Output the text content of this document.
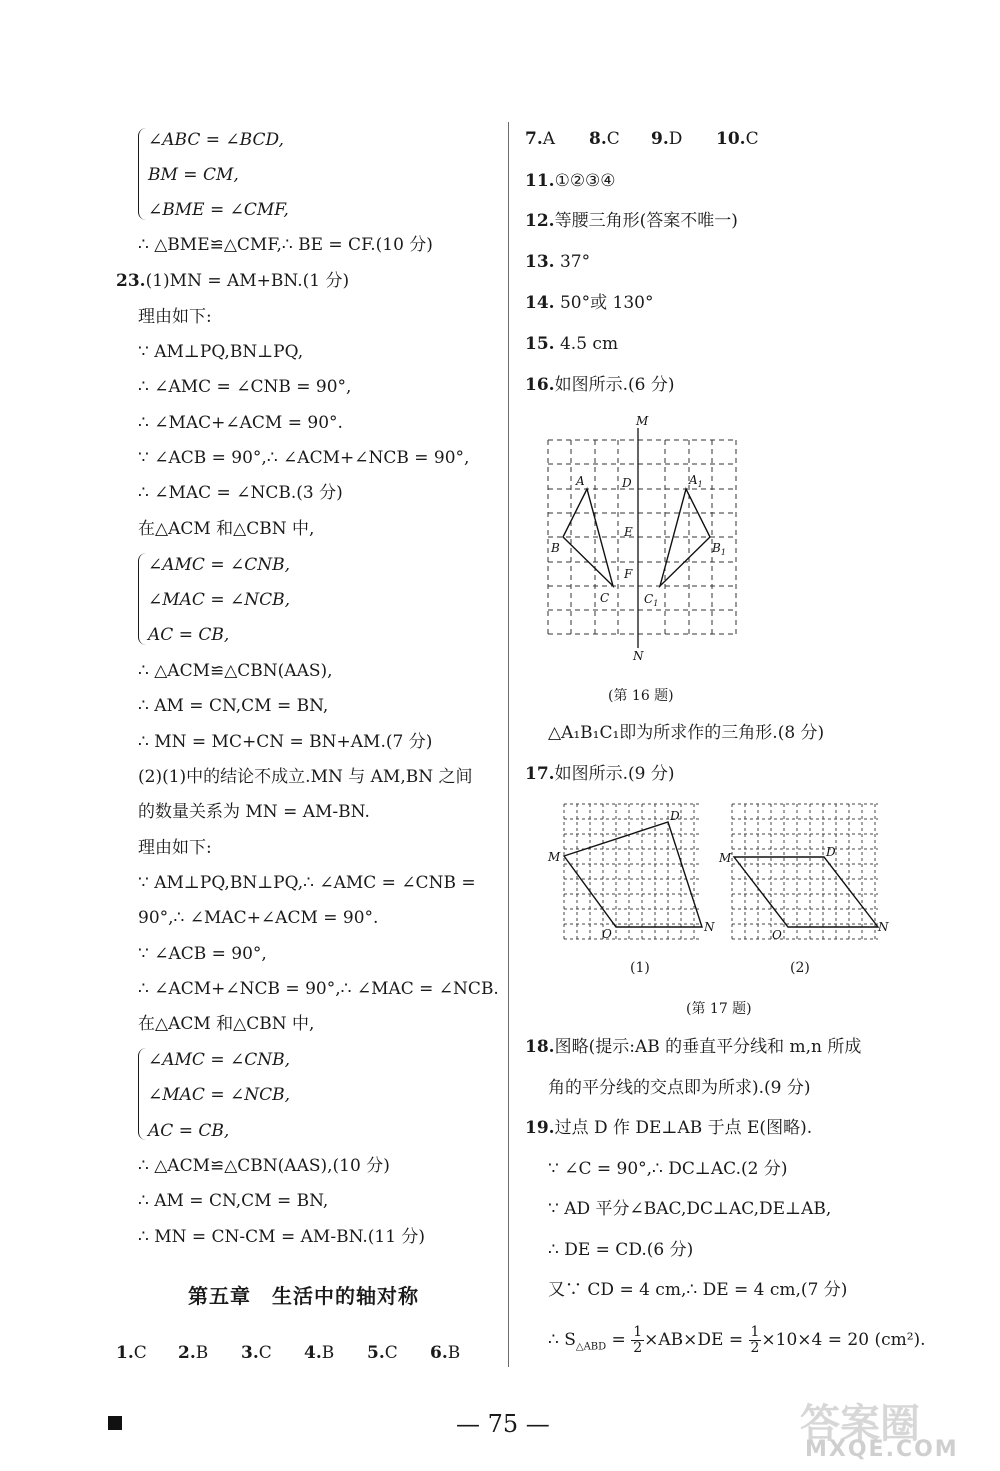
∠ABC = ∠BCD,
BM = CM,
∠BME = ∠CMF,
∴ △BME≌△CMF,∴ BE = CF.(10 分)
23.(1)MN = AM+BN.(1 分)
理由如下:
∵ AM⊥PQ,BN⊥PQ,
∴ ∠AMC = ∠CNB = 90°,
∴ ∠MAC+∠ACM = 90°.
∵ ∠ACB = 90°,∴ ∠ACM+∠NCB = 90°,
∴ ∠MAC = ∠NCB.(3 分)
在△ACM 和△CBN 中,
∠AMC = ∠CNB,
∠MAC = ∠NCB,
AC = CB,
∴ △ACM≌△CBN(AAS),
∴ AM = CN,CM = BN,
∴ MN = MC+CN = BN+AM.(7 分)
(2)(1)中的结论不成立.MN 与 AM,BN 之间
的数量关系为 MN = AM-BN.
理由如下:
∵ AM⊥PQ,BN⊥PQ,∴ ∠AMC = ∠CNB =
90°,∴ ∠MAC+∠ACM = 90°.
∵ ∠ACB = 90°,
∴ ∠ACM+∠NCB = 90°,∴ ∠MAC = ∠NCB.
在△ACM 和△CBN 中,
∠AMC = ∠CNB,
∠MAC = ∠NCB,
AC = CB,
∴ △ACM≌△CBN(AAS),(10 分)
∴ AM = CN,CM = BN,
∴ MN = CN-CM = AM-BN.(11 分)
第五章　生活中的轴对称
1.C 2.B 3.C 4.B 5.C 6.B
7.A 8.C 9.D 10.C
11.①②③④
12.等腰三角形(答案不唯一)
13. 37°
14. 50°或 130°
15. 4.5 cm
16.如图所示.(6 分)
M
N
A
B
C
D
E
F
$A_1$
$B_1$
$C_1$
(第 16 题)
△A₁B₁C₁即为所求作的三角形.(8 分)
17.如图所示.(9 分)
M
D
N
O
M	D
N
O
(1)	(2)
(第 17 题)
18.图略(提示:AB 的垂直平分线和 m,n 所成
角的平分线的交点即为所求).(9 分)
19.过点 D 作 DE⊥AB 于点 E(图略).
∵ ∠C = 90°,∴ DC⊥AC.(2 分)
∵ AD 平分∠BAC,DC⊥AC,DE⊥AB,
∴ DE = CD.(6 分)
又∵ CD = 4 cm,∴ DE = 4 cm,(7 分)
∴ $S_{\triangle ABD} = \frac{1}{2}\times AB\times DE = \frac{1}{2}\times 10\times 4 = 20$ (cm²).
— 75 —	答案圈
MXQE.COM
